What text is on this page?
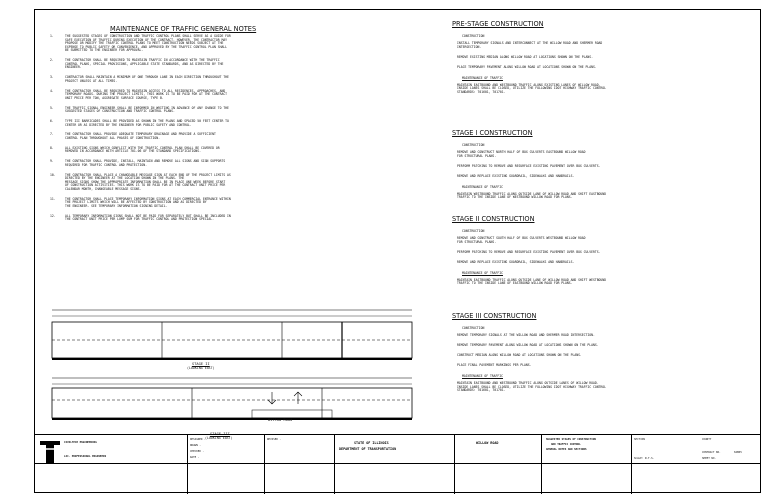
MAINTENANCE OF TRAFFIC GENERAL NOTES
1.	THE SUGGESTED STAGES OF CONSTRUCTION AND TRAFFIC CONTROL PLANS SHALL SERVE AS A GUIDE FOR
SAFE EXECUTION OF TRAFFIC DURING EXECUTION OF THE CONTRACT. HOWEVER, THE CONTRACTOR MAY
PROPOSE OR MODIFY THE TRAFFIC CONTROL PLANS TO MEET CONSTRUCTION NEEDS SUBJECT AT THE
EXPENSE TO PUBLIC SAFETY OR CONVENIENCE, AND APPROVED BY THE TRAFFIC CONTROL PLAN SHALL
BE SUBMITTED TO THE ENGINEER FOR APPROVAL.
2.	THE CONTRACTOR SHALL BE REQUIRED TO MAINTAIN TRAFFIC IN ACCORDANCE WITH THE TRAFFIC
CONTROL PLANS, SPECIAL PROVISIONS, APPLICABLE STATE STANDARDS, AND AS DIRECTED BY THE
ENGINEER.
3.	CONTRACTOR SHALL MAINTAIN A MINIMUM OF ONE THROUGH LANE IN EACH DIRECTION THROUGHOUT THE
PROJECT UNLESS AT ALL TIMES.
4.	THE CONTRACTOR SHALL BE REQUIRED TO MAINTAIN ACCESS TO ALL RESIDENCES, APPROACHES, AND
TEMPORARY ROADS. DURING THE PROJECT LIMITS, THIS WORK IS TO BE PAID FOR AT THE CONTRACT
UNIT PRICE PER TON, AGGREGATE SURFACE COURSE, TYPE B.
5.	THE TRAFFIC SIGNAL ENGINEER SHALL BE INFORMED IN WRITING IN ADVANCE OF ANY CHANGE TO THE
SUGGESTED STAGES OF CONSTRUCTION AND TRAFFIC CONTROL PLANS.
6.	TYPE III BARRICADES SHALL BE PROVIDED AS SHOWN IN THE PLANS AND SPACED 50 FEET CENTER TO
CENTER OR AS DIRECTED BY THE ENGINEER FOR PUBLIC SAFETY AND CONTROL.
7.	THE CONTRACTOR SHALL PROVIDE ADEQUATE TEMPORARY DRAINAGE AND PROVIDE A SUFFICIENT
CONTROL PLAN THROUGHOUT ALL PHASES OF CONSTRUCTION.
8.	ALL EXISTING SIGNS WHICH CONFLICT WITH THE TRAFFIC CONTROL PLAN SHALL BE COVERED OR
REMOVED IN ACCORDANCE WITH ARTICLE 701.06 OF THE STANDARD SPECIFICATIONS.
9.	THE CONTRACTOR SHALL PROVIDE, INSTALL, MAINTAIN AND REMOVE ALL SIGNS AND SIGN SUPPORTS
REQUIRED FOR TRAFFIC CONTROL AND PROTECTION.
10.	THE CONTRACTOR SHALL PLACE A CHANGEABLE MESSAGE SIGN AT EACH END OF THE PROJECT LIMITS AS
DIRECTED BY THE ENGINEER AT THE LOCATION SHOWN IN THE PLANS. THE
MESSAGE SIGNS SHOW THE APPROPRIATE INFORMATION SHALL BE IN PLACE ONE WEEK BEFORE START
OF CONSTRUCTION ACTIVITIES. THIS WORK IS TO BE PAID FOR AT THE CONTRACT UNIT PRICE PER
CALENDAR MONTH, CHANGEABLE MESSAGE SIGNS.
11.	THE CONTRACTOR SHALL PLACE TEMPORARY INFORMATION SIGNS AT EACH COMMERCIAL ENTRANCE WITHIN
THE PROJECT LIMITS WHICH WILL BE AFFECTED BY CONSTRUCTION AND AS DIRECTED BY
THE ENGINEER. SEE TEMPORARY INFORMATION SIGNING DETAIL.
12.	ALL TEMPORARY INFORMATION SIGNS SHALL NOT BE PAID FOR SEPARATELY BUT SHALL BE INCLUDED IN
THE CONTRACT UNIT PRICE PER LUMP SUM FOR TRAFFIC CONTROL AND PROTECTION SPECIAL.
PRE-STAGE CONSTRUCTION
CONSTRUCTION
INSTALL TEMPORARY SIGNALS AND INTERCONNECT AT THE WILLOW ROAD AND SHERMER ROAD
INTERSECTION.
REMOVE EXISTING MEDIAN ALONG WILLOW ROAD AT LOCATIONS SHOWN ON THE PLANS.
PLACE TEMPORARY PAVEMENT ALONG WILLOW ROAD AT LOCATIONS SHOWN ON THE PLANS.
MAINTENANCE OF TRAFFIC
MAINTAIN EASTBOUND AND WESTBOUND TRAFFIC ALONG EXISTING LANES OF WILLOW ROAD.
INSIDE LANES SHALL BE CLOSED, UTILIZE THE FOLLOWING IDOT HIGHWAY TRAFFIC CONTROL
STANDARDS: 701601, 701701.
STAGE I CONSTRUCTION
CONSTRUCTION
REMOVE AND CONSTRUCT NORTH HALF OF BOX CULVERTS EASTBOUND WILLOW ROAD
FOR STRUCTURAL PLANS.
PERFORM PATCHING TO REMOVE AND RESURFACE EXISTING PAVEMENT OVER BOX CULVERTS.
REMOVE AND REPLACE EXISTING GUARDRAIL, SIDEWALKS AND HANDRAILS.
MAINTENANCE OF TRAFFIC
MAINTAIN WESTBOUND TRAFFIC ALONG OUTSIDE LANE OF WILLOW ROAD AND SHIFT EASTBOUND
TRAFFIC TO THE INSIDE LANE OF WESTBOUND WILLOW ROAD FOR PLANS.
STAGE II CONSTRUCTION
CONSTRUCTION
REMOVE AND CONSTRUCT SOUTH HALF OF BOX CULVERTS WESTBOUND WILLOW ROAD
FOR STRUCTURAL PLANS.
PERFORM PATCHING TO REMOVE AND RESURFACE EXISTING PAVEMENT OVER BOX CULVERTS.
REMOVE AND REPLACE EXISTING GUARDRAIL, SIDEWALKS AND HANDRAILS.
MAINTENANCE OF TRAFFIC
MAINTAIN EASTBOUND TRAFFIC ALONG OUTSIDE LANE OF WILLOW ROAD AND SHIFT WESTBOUND
TRAFFIC TO THE INSIDE LANE OF EASTBOUND WILLOW ROAD FOR PLANS.
STAGE III CONSTRUCTION
CONSTRUCTION
REMOVE TEMPORARY SIGNALS AT THE WILLOW ROAD AND SHERMER ROAD INTERSECTION.
REMOVE TEMPORARY PAVEMENT ALONG WILLOW ROAD AT LOCATIONS SHOWN ON THE PLANS.
CONSTRUCT MEDIAN ALONG WILLOW ROAD AT LOCATIONS SHOWN ON THE PLANS.
PLACE FINAL PAVEMENT MARKINGS PER PLANS.
MAINTENANCE OF TRAFFIC
MAINTAIN EASTBOUND AND WESTBOUND TRAFFIC ALONG OUTSIDE LANES OF WILLOW ROAD.
INSIDE LANES SHALL BE CLOSED, UTILIZE THE FOLLOWING IDOT HIGHWAY TRAFFIC CONTROL
STANDARDS: 701601, 701701.
STAGE II
(LOOKING EAST)
STAGE III
(LOOKING EAST)
Willow Road
CIVILTECH ENGINEERING
LIC. PROFESSIONAL ENGINEERS
DESIGNED -
DRAWN -
CHECKED -
DATE -
REVISED -
STATE OF ILLINOIS
DEPARTMENT OF TRANSPORTATION
WILLOW ROAD
SUGGESTED STAGES OF CONSTRUCTION
AND TRAFFIC CONTROL
GENERAL NOTES AND SECTIONS
SECTION	COUNTY
CONTRACT NO.	62B05
SCALE: N.T.S.	SHEET NO.
